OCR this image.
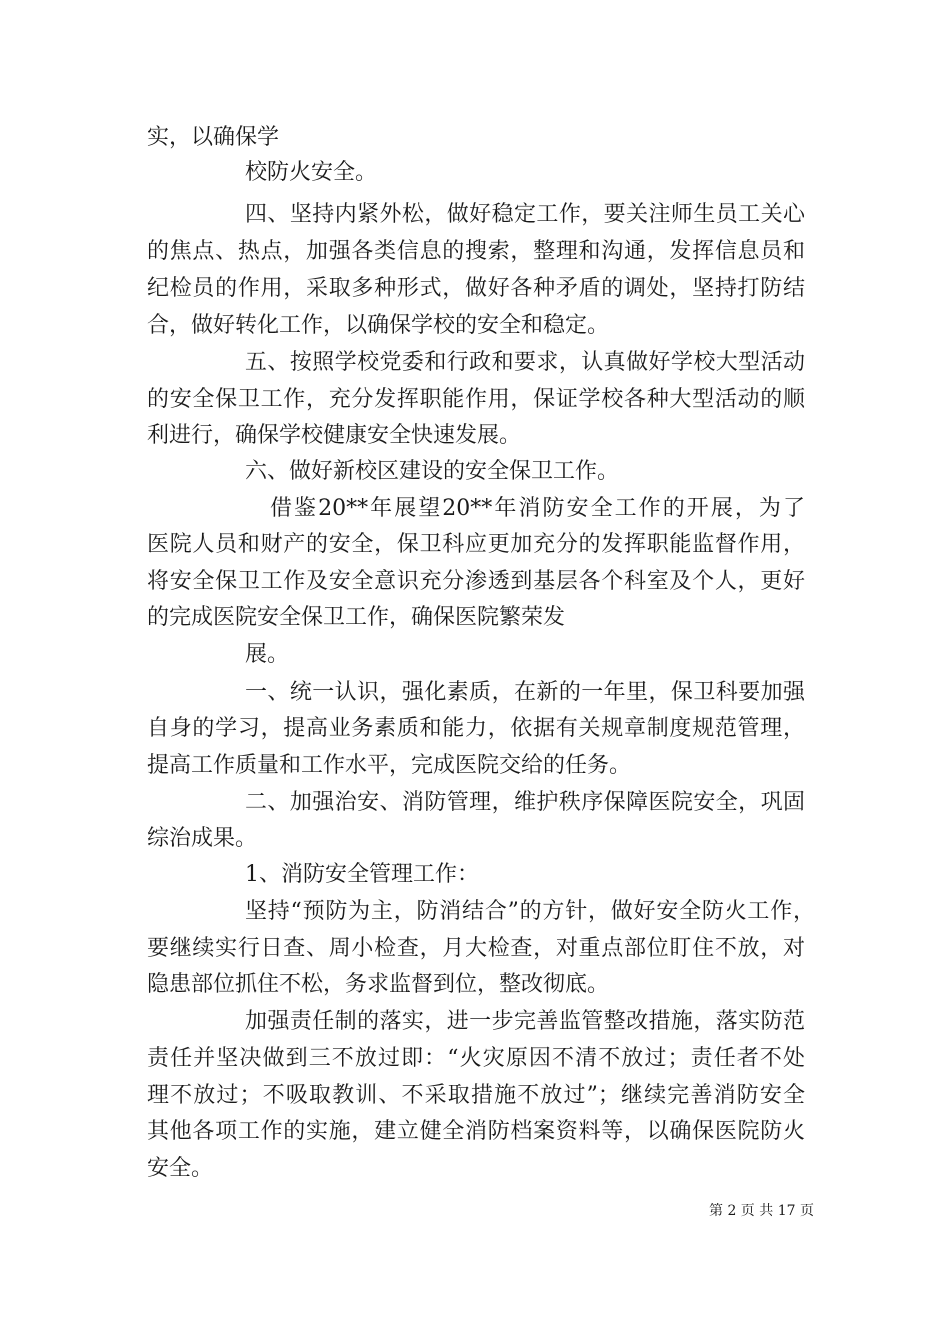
实，以确保学
校防火安全。
四、坚持内紧外松，做好稳定工作，要关注师生员工关心
的焦点、热点，加强各类信息的搜索，整理和沟通，发挥信息员和
纪检员的作用，采取多种形式，做好各种矛盾的调处，坚持打防结
合，做好转化工作，以确保学校的安全和稳定。
五、按照学校党委和行政和要求，认真做好学校大型活动
的安全保卫工作，充分发挥职能作用，保证学校各种大型活动的顺
利进行，确保学校健康安全快速发展。
六、做好新校区建设的安全保卫工作。
借鉴20**年展望20**年消防安全工作的开展，为了
医院人员和财产的安全，保卫科应更加充分的发挥职能监督作用，
将安全保卫工作及安全意识充分渗透到基层各个科室及个人，更好
的完成医院安全保卫工作，确保医院繁荣发
展。
一、统一认识，强化素质，在新的一年里，保卫科要加强
自身的学习，提高业务素质和能力，依据有关规章制度规范管理，
提高工作质量和工作水平，完成医院交给的任务。
二、加强治安、消防管理，维护秩序保障医院安全，巩固
综治成果。
1、消防安全管理工作：
坚持“预防为主，防消结合”的方针，做好安全防火工作，
要继续实行日查、周小检查，月大检查，对重点部位盯住不放，对
隐患部位抓住不松，务求监督到位，整改彻底。
加强责任制的落实，进一步完善监管整改措施，落实防范
责任并坚决做到三不放过即：“火灾原因不清不放过；责任者不处
理不放过；不吸取教训、不采取措施不放过”；继续完善消防安全
其他各项工作的实施，建立健全消防档案资料等，以确保医院防火
安全。
第 2 页 共 17 页
